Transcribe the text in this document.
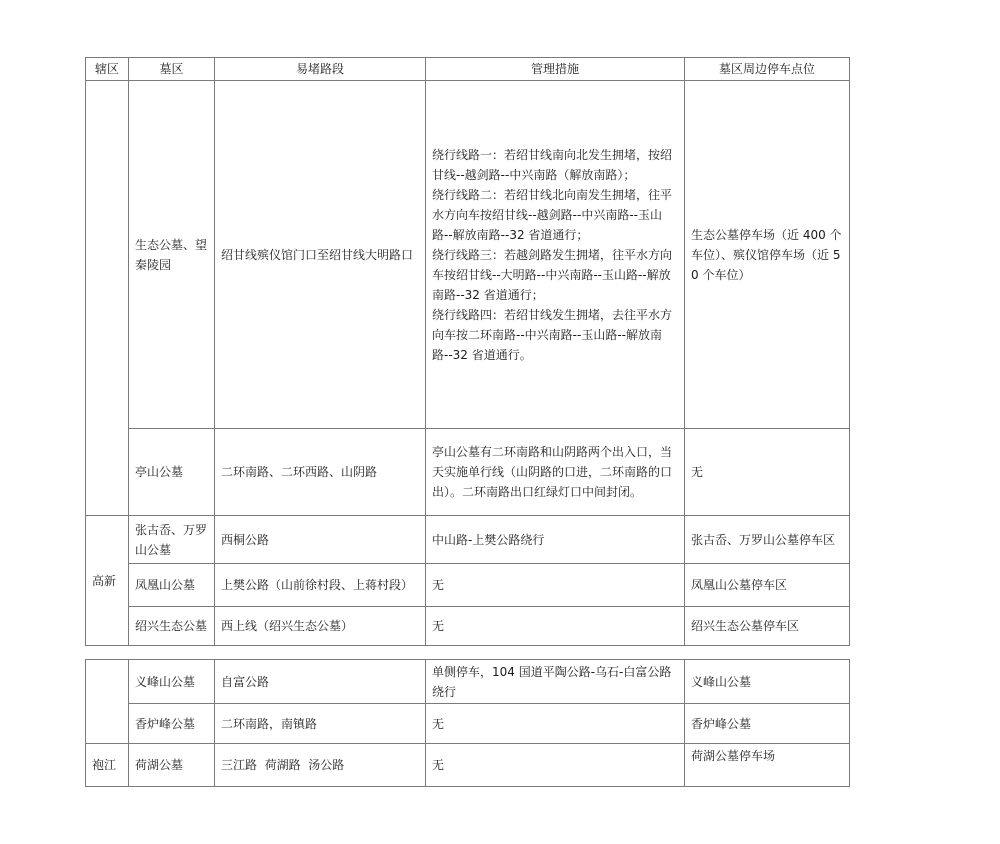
辖区	墓区	易堵路段	管理措施	墓区周边停车点位
	生态公墓、望秦陵园	绍甘线殡仪馆门口至绍甘线大明路口	绕行线路一：若绍甘线南向北发生拥堵，按绍甘线--越剑路--中兴南路（解放南路）；
绕行线路二：若绍甘线北向南发生拥堵，往平水方向车按绍甘线--越剑路--中兴南路--玉山路--解放南路--32 省道通行；
绕行线路三：若越剑路发生拥堵，往平水方向车按绍甘线--大明路--中兴南路--玉山路--解放南路--32 省道通行；
绕行线路四：若绍甘线发生拥堵，去往平水方向车按二环南路--中兴南路--玉山路--解放南路--32 省道通行。	生态公墓停车场（近 400 个车位）、殡仪馆停车场（近 50 个车位）
	亭山公墓	二环南路、二环西路、山阴路	亭山公墓有二环南路和山阴路两个出入口，当天实施单行线（山阴路的口进，二环南路的口出）。二环南路出口红绿灯口中间封闭。	无
高新	张古岙、万罗山公墓	西桐公路	中山路-上樊公路绕行	张古岙、万罗山公墓停车区
	凤凰山公墓	上樊公路（山前徐村段、上蒋村段）	无	凤凰山公墓停车区
	绍兴生态公墓	西上线（绍兴生态公墓）	无	绍兴生态公墓停车区
	义峰山公墓	自富公路	单侧停车，104 国道平陶公路-乌石-白富公路绕行	义峰山公墓
	香炉峰公墓	二环南路，南镇路	无	香炉峰公墓
袍江	荷湖公墓	三江路  荷湖路  汤公路	无	荷湖公墓停车场
